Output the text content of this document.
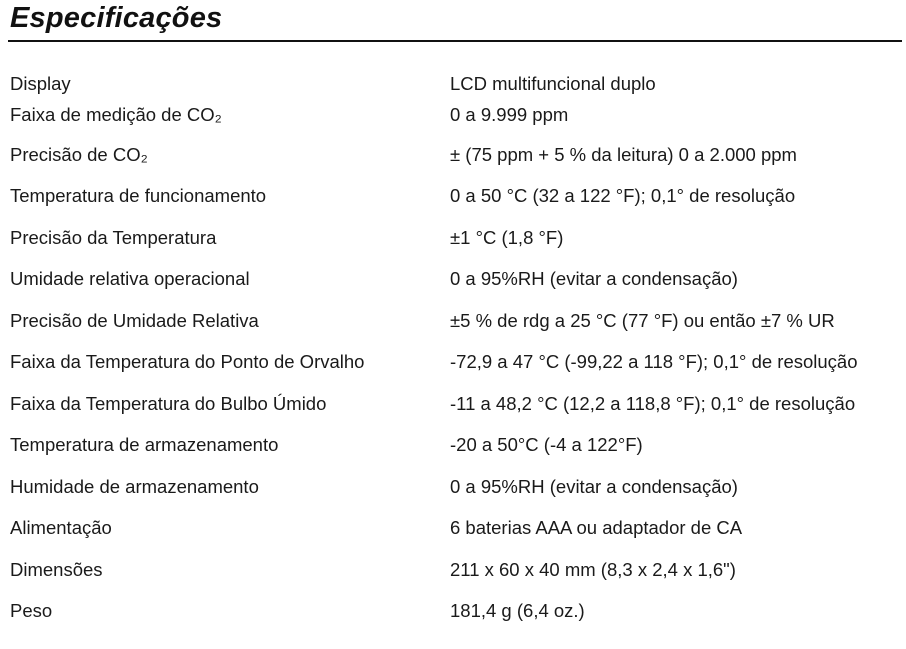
Especificações
Display	LCD multifuncional duplo
Faixa de medição de CO₂	0 a 9.999 ppm
Precisão de CO₂	± (75 ppm + 5 % da leitura) 0 a 2.000 ppm
Temperatura de funcionamento	0 a 50 °C (32 a 122 °F); 0,1° de resolução
Precisão da Temperatura	±1 °C (1,8 °F)
Umidade relativa operacional	0 a 95%RH (evitar a condensação)
Precisão de Umidade Relativa	±5 % de rdg a 25 °C (77 °F) ou então ±7 % UR
Faixa da Temperatura do Ponto de Orvalho	-72,9 a 47 °C (-99,22 a 118 °F); 0,1° de resolução
Faixa da Temperatura do Bulbo Úmido	-11 a 48,2 °C (12,2 a 118,8 °F); 0,1° de resolução
Temperatura de armazenamento	-20 a 50°C (-4 a 122°F)
Humidade de armazenamento	0 a 95%RH (evitar a condensação)
Alimentação	6 baterias AAA ou adaptador de CA
Dimensões	211 x 60 x 40 mm (8,3 x 2,4 x 1,6")
Peso	181,4 g (6,4 oz.)
